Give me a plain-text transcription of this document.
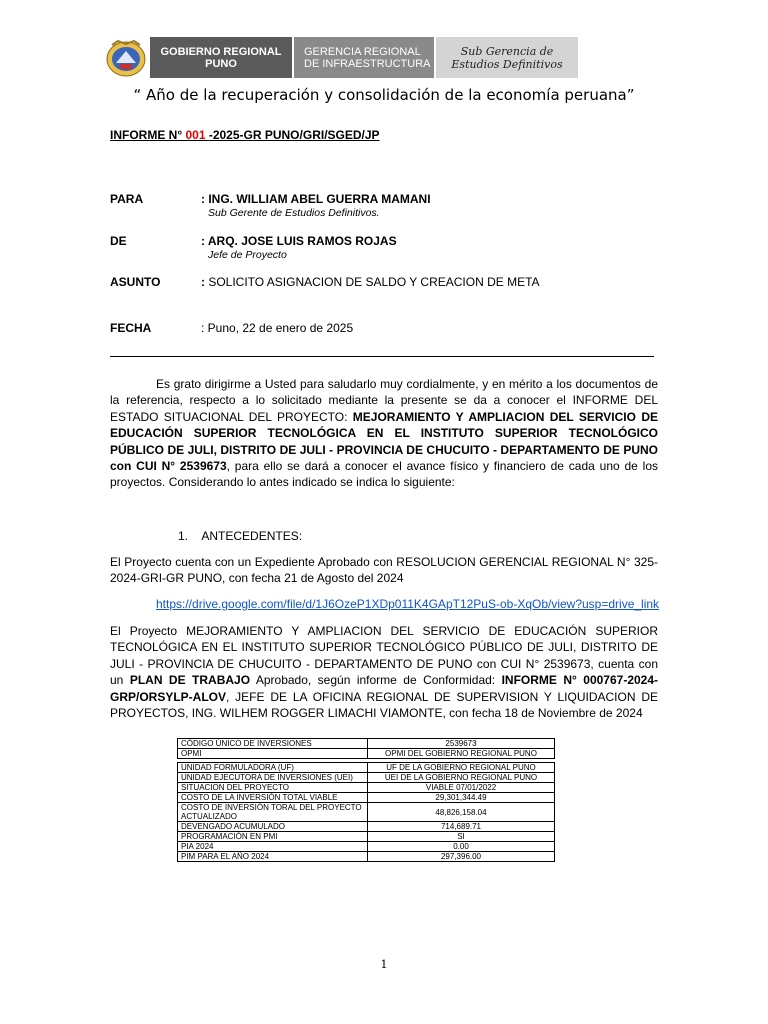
GOBIERNO REGIONAL
PUNO
GERENCIA REGIONAL
DE INFRAESTRUCTURA
Sub Gerencia de
Estudios Definitivos
“ Año de la recuperación y consolidación de la economía peruana”
INFORME N° 001 -2025-GR PUNO/GRI/SGED/JP
PARA	: ING. WILLIAM ABEL GUERRA MAMANI
Sub Gerente de Estudios Definitivos.
DE	: ARQ. JOSE LUIS RAMOS ROJAS
Jefe de Proyecto
ASUNTO	: SOLICITO ASIGNACION DE SALDO Y CREACION DE META
FECHA	: Puno, 22 de enero de 2025
Es grato dirigirme a Usted para saludarlo muy cordialmente, y en mérito a los documentos de la referencia, respecto a lo solicitado mediante la presente se da a conocer el INFORME DEL ESTADO SITUACIONAL DEL PROYECTO: MEJORAMIENTO Y AMPLIACION DEL SERVICIO DE EDUCACIÓN SUPERIOR TECNOLÓGICA EN EL INSTITUTO SUPERIOR TECNOLÓGICO PÚBLICO DE JULI, DISTRITO DE JULI - PROVINCIA DE CHUCUITO - DEPARTAMENTO DE PUNO con CUI N° 2539673, para ello se dará a conocer el avance físico y financiero de cada uno de los proyectos. Considerando lo antes indicado se indica lo siguiente:
1. ANTECEDENTES:
El Proyecto cuenta con un Expediente Aprobado con RESOLUCION GERENCIAL REGIONAL N° 325-2024-GRI-GR PUNO, con fecha 21 de Agosto del 2024
https://drive.google.com/file/d/1J6OzeP1XDp011K4GApT12PuS-ob-XqOb/view?usp=drive_link
El Proyecto MEJORAMIENTO Y AMPLIACION DEL SERVICIO DE EDUCACIÓN SUPERIOR TECNOLÓGICA EN EL INSTITUTO SUPERIOR TECNOLÓGICO PÚBLICO DE JULI, DISTRITO DE JULI - PROVINCIA DE CHUCUITO - DEPARTAMENTO DE PUNO con CUI N° 2539673, cuenta con un PLAN DE TRABAJO Aprobado, según informe de Conformidad: INFORME N° 000767-2024-GRP/ORSYLP-ALOV, JEFE DE LA OFICINA REGIONAL DE SUPERVISION Y LIQUIDACION DE PROYECTOS, ING. WILHEM ROGGER LIMACHI VIAMONTE, con fecha 18 de Noviembre de 2024
CÓDIGO ÚNICO DE INVERSIONES	2539673
OPMI	OPMI DEL GOBIERNO REGIONAL PUNO

UNIDAD FORMULADORA (UF)	UF DE LA GOBIERNO REGIONAL PUNO
UNIDAD EJECUTORA DE INVERSIONES (UEI)	UEI DE LA GOBIERNO REGIONAL PUNO
SITUACION DEL PROYECTO	VIABLE 07/01/2022
COSTO DE LA INVERSIÓN TOTAL VIABLE	29,301,344.49
COSTO DE INVERSIÓN TORAL DEL PROYECTO ACTUALIZADO	48,826,158.04
DEVENGADO ACUMULADO	714,689.71
PROGRAMACIÓN EN PMI	SI
PIA 2024	0.00
PIM PARA EL AÑO 2024	297,396.00
1
